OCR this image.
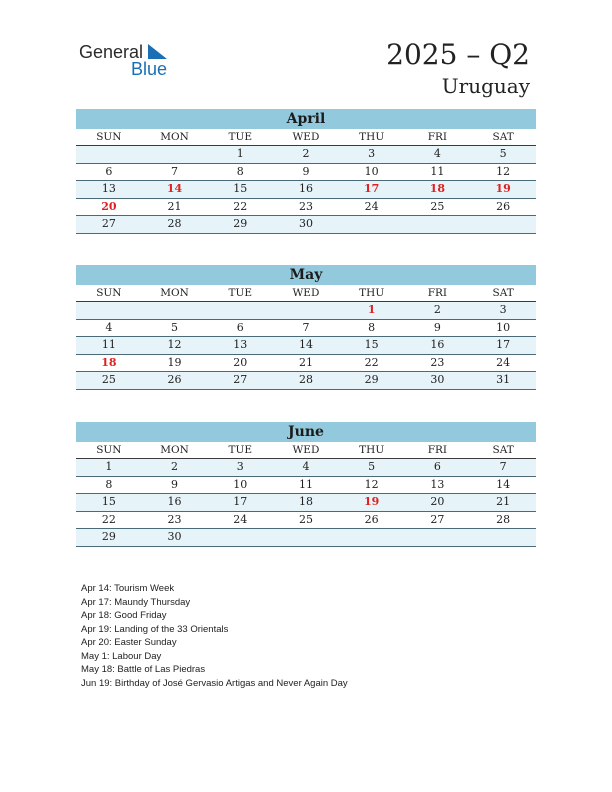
General
Blue	2025 – Q2
Uruguay
April
SUN	MON	TUE	WED	THU	FRI	SAT
		1	2	3	4	5
6	7	8	9	10	11	12
13	14	15	16	17	18	19
20	21	22	23	24	25	26
27	28	29	30			
May
SUN	MON	TUE	WED	THU	FRI	SAT
				1	2	3
4	5	6	7	8	9	10
11	12	13	14	15	16	17
18	19	20	21	22	23	24
25	26	27	28	29	30	31
June
SUN	MON	TUE	WED	THU	FRI	SAT
1	2	3	4	5	6	7
8	9	10	11	12	13	14
15	16	17	18	19	20	21
22	23	24	25	26	27	28
29	30					
Apr 14: Tourism Week
Apr 17: Maundy Thursday
Apr 18: Good Friday
Apr 19: Landing of the 33 Orientals
Apr 20: Easter Sunday
May 1: Labour Day
May 18: Battle of Las Piedras
Jun 19: Birthday of José Gervasio Artigas and Never Again Day
